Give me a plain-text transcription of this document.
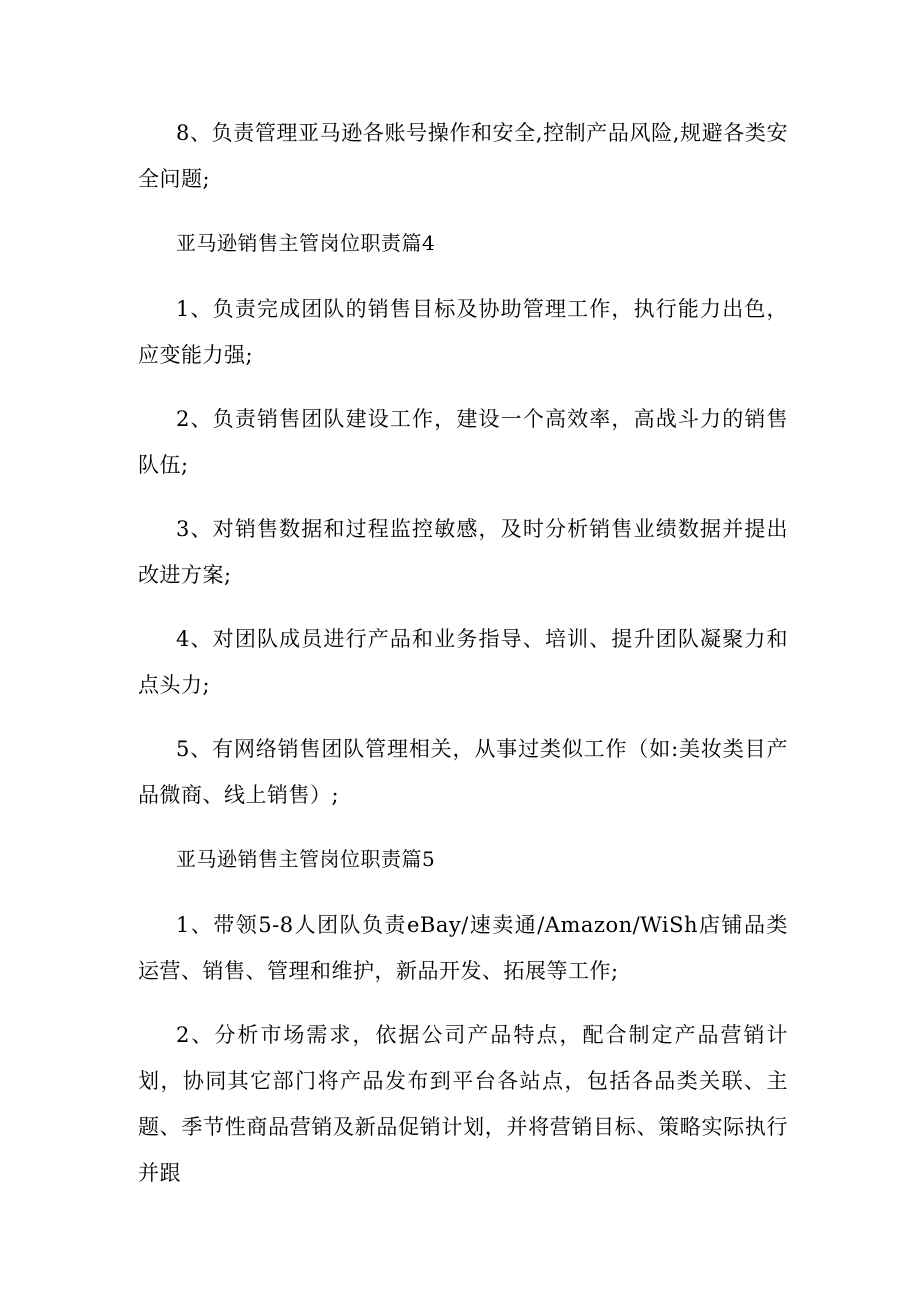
8、负责管理亚马逊各账号操作和安全,控制产品风险,规避各类安全问题;

亚马逊销售主管岗位职责篇4

1、负责完成团队的销售目标及协助管理工作，执行能力出色，应变能力强;

2、负责销售团队建设工作，建设一个高效率，高战斗力的销售队伍;

3、对销售数据和过程监控敏感，及时分析销售业绩数据并提出改进方案;

4、对团队成员进行产品和业务指导、培训、提升团队凝聚力和点头力;

5、有网络销售团队管理相关，从事过类似工作（如:美妆类目产品微商、线上销售）;

亚马逊销售主管岗位职责篇5

1、带领5-8人团队负责eBay/速卖通/Amazon/WiSh店铺品类运营、销售、管理和维护，新品开发、拓展等工作;

2、分析市场需求，依据公司产品特点，配合制定产品营销计划，协同其它部门将产品发布到平台各站点，包括各品类关联、主题、季节性商品营销及新品促销计划，并将营销目标、策略实际执行并跟
